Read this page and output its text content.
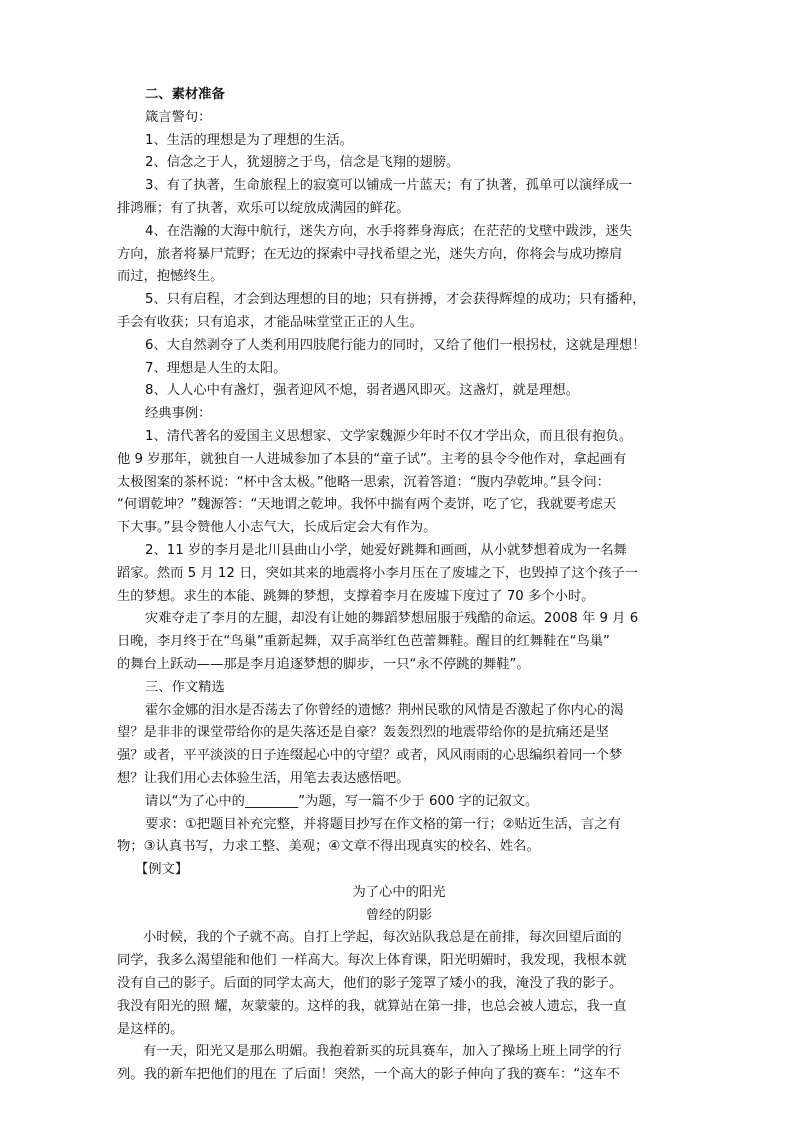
二、素材准备
箴言警句：
1、生活的理想是为了理想的生活。
2、信念之于人，犹翅膀之于鸟，信念是飞翔的翅膀。
3、有了执著，生命旅程上的寂寞可以铺成一片蓝天；有了执著，孤单可以演绎成一
排鸿雁；有了执著，欢乐可以绽放成满园的鲜花。
4、在浩瀚的大海中航行，迷失方向，水手将葬身海底；在茫茫的戈壁中跋涉，迷失
方向，旅者将暴尸荒野；在无边的探索中寻找希望之光，迷失方向，你将会与成功擦肩
而过，抱憾终生。
5、只有启程，才会到达理想的目的地；只有拼搏，才会获得辉煌的成功；只有播种，
手会有收获；只有追求，才能品味堂堂正正的人生。
6、大自然剥夺了人类利用四肢爬行能力的同时，又给了他们一根拐杖，这就是理想！
7、理想是人生的太阳。
8、人人心中有盏灯，强者迎风不熄，弱者遇风即灭。这盏灯，就是理想。
经典事例：
1、清代著名的爱国主义思想家、文学家魏源少年时不仅才学出众，而且很有抱负。
他 9 岁那年，就独自一人进城参加了本县的“童子试”。主考的县令令他作对，拿起画有
太极图案的茶杯说：“杯中含太极。”他略一思索，沉着答道：“腹内孕乾坤。”县令问：
“何谓乾坤？”魏源答：“天地谓之乾坤。我怀中揣有两个麦饼，吃了它，我就要考虑天
下大事。”县令赞他人小志气大，长成后定会大有作为。
2、11 岁的李月是北川县曲山小学，她爱好跳舞和画画，从小就梦想着成为一名舞
蹈家。然而 5 月 12 日，突如其来的地震将小李月压在了废墟之下，也毁掉了这个孩子一
生的梦想。求生的本能、跳舞的梦想，支撑着李月在废墟下度过了 70 多个小时。
灾难夺走了李月的左腿，却没有让她的舞蹈梦想屈服于残酷的命运。2008 年 9 月 6
日晚，李月终于在“鸟巢”重新起舞，双手高举红色芭蕾舞鞋。醒目的红舞鞋在“鸟巢”
的舞台上跃动——那是李月追逐梦想的脚步，一只“永不停跳的舞鞋”。
三、作文精选
霍尔金娜的泪水是否荡去了你曾经的遗憾？荆州民歌的风情是否激起了你内心的渴
望？是非非的课堂带给你的是失落还是自豪？轰轰烈烈的地震带给你的是抗痛还是坚
强？或者，平平淡淡的日子连缀起心中的守望？或者，风风雨雨的心思编织着同一个梦
想？让我们用心去体验生活，用笔去表达感悟吧。
请以“为了心中的________”为题，写一篇不少于 600 字的记叙文。
要求：①把题目补充完整，并将题目抄写在作文格的第一行；②贴近生活，言之有
物；③认真书写，力求工整、美观；④文章不得出现真实的校名、姓名。
【例文】
为了心中的阳光
曾经的阴影
小时候，我的个子就不高。自打上学起，每次站队我总是在前排，每次回望后面的
同学，我多么渴望能和他们 一样高大。每次上体育课，阳光明媚时，我发现，我根本就
没有自己的影子。后面的同学太高大，他们的影子笼罩了矮小的我，淹没了我的影子。
我没有阳光的照 耀，灰蒙蒙的。这样的我，就算站在第一排，也总会被人遗忘，我一直
是这样的。
有一天，阳光又是那么明媚。我抱着新买的玩具赛车，加入了操场上班上同学的行
列。我的新车把他们的甩在 了后面！突然，一个高大的影子伸向了我的赛车：“这车不
